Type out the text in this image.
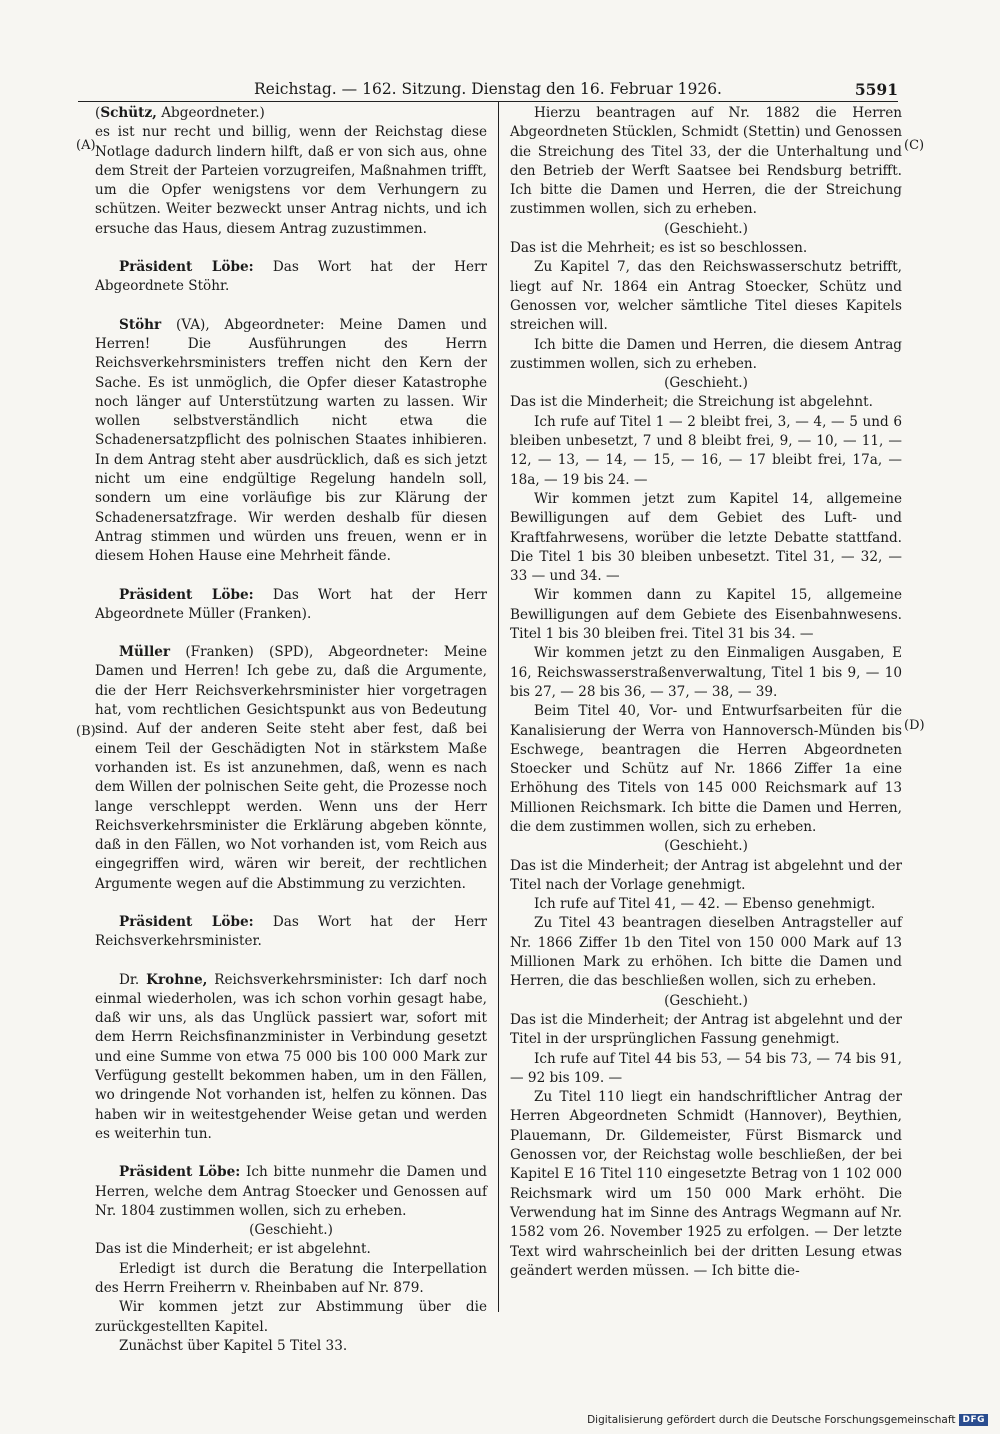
Reichstag. — 162. Sitzung. Dienstag den 16. Februar 1926.	5591
(A)
(B)
(C)
(D)

(Schütz, Abgeordneter.)

es ist nur recht und billig, wenn der Reichstag diese Notlage dadurch lindern hilft, daß er von sich aus, ohne dem Streit der Parteien vorzugreifen, Maßnahmen trifft, um die Opfer wenigstens vor dem Verhungern zu schützen. Weiter bezweckt unser Antrag nichts, und ich ersuche das Haus, diesem Antrag zuzustimmen.

Präsident Löbe: Das Wort hat der Herr Abgeordnete Stöhr.

Stöhr (VA), Abgeordneter: Meine Damen und Herren! Die Ausführungen des Herrn Reichsverkehrsministers treffen nicht den Kern der Sache. Es ist unmöglich, die Opfer dieser Katastrophe noch länger auf Unterstützung warten zu lassen. Wir wollen selbstverständlich nicht etwa die Schadenersatzpflicht des polnischen Staates inhibieren. In dem Antrag steht aber ausdrücklich, daß es sich jetzt nicht um eine endgültige Regelung handeln soll, sondern um eine vorläufige bis zur Klärung der Schadenersatzfrage. Wir werden deshalb für diesen Antrag stimmen und würden uns freuen, wenn er in diesem Hohen Hause eine Mehrheit fände.

Präsident Löbe: Das Wort hat der Herr Abgeordnete Müller (Franken).

Müller (Franken) (SPD), Abgeordneter: Meine Damen und Herren! Ich gebe zu, daß die Argumente, die der Herr Reichsverkehrsminister hier vorgetragen hat, vom rechtlichen Gesichtspunkt aus von Bedeutung sind. Auf der anderen Seite steht aber fest, daß bei einem Teil der Geschädigten Not in stärkstem Maße vorhanden ist. Es ist anzunehmen, daß, wenn es nach dem Willen der polnischen Seite geht, die Prozesse noch lange verschleppt werden. Wenn uns der Herr Reichsverkehrsminister die Erklärung abgeben könnte, daß in den Fällen, wo Not vorhanden ist, vom Reich aus eingegriffen wird, wären wir bereit, der rechtlichen Argumente wegen auf die Abstimmung zu verzichten.

Präsident Löbe: Das Wort hat der Herr Reichsverkehrsminister.

Dr. Krohne, Reichsverkehrsminister: Ich darf noch einmal wiederholen, was ich schon vorhin gesagt habe, daß wir uns, als das Unglück passiert war, sofort mit dem Herrn Reichsfinanzminister in Verbindung gesetzt und eine Summe von etwa 75 000 bis 100 000 Mark zur Verfügung gestellt bekommen haben, um in den Fällen, wo dringende Not vorhanden ist, helfen zu können. Das haben wir in weitestgehender Weise getan und werden es weiterhin tun.

Präsident Löbe: Ich bitte nunmehr die Damen und Herren, welche dem Antrag Stoecker und Genossen auf Nr. 1804 zustimmen wollen, sich zu erheben.

(Geschieht.)

Das ist die Minderheit; er ist abgelehnt.

Erledigt ist durch die Beratung die Interpellation des Herrn Freiherrn v. Rheinbaben auf Nr. 879.

Wir kommen jetzt zur Abstimmung über die zurückgestellten Kapitel.

Zunächst über Kapitel 5 Titel 33.

Hierzu beantragen auf Nr. 1882 die Herren Abgeordneten Stücklen, Schmidt (Stettin) und Genossen die Streichung des Titel 33, der die Unterhaltung und den Betrieb der Werft Saatsee bei Rendsburg betrifft. Ich bitte die Damen und Herren, die der Streichung zustimmen wollen, sich zu erheben.

(Geschieht.)

Das ist die Mehrheit; es ist so beschlossen.

Zu Kapitel 7, das den Reichswasserschutz betrifft, liegt auf Nr. 1864 ein Antrag Stoecker, Schütz und Genossen vor, welcher sämtliche Titel dieses Kapitels streichen will.

Ich bitte die Damen und Herren, die diesem Antrag zustimmen wollen, sich zu erheben.

(Geschieht.)

Das ist die Minderheit; die Streichung ist abgelehnt.

Ich rufe auf Titel 1 — 2 bleibt frei, 3, — 4, — 5 und 6 bleiben unbesetzt, 7 und 8 bleibt frei, 9, — 10, — 11, — 12, — 13, — 14, — 15, — 16, — 17 bleibt frei, 17a, — 18a, — 19 bis 24. —

Wir kommen jetzt zum Kapitel 14, allgemeine Bewilligungen auf dem Gebiet des Luft- und Kraftfahrwesens, worüber die letzte Debatte stattfand. Die Titel 1 bis 30 bleiben unbesetzt. Titel 31, — 32, — 33 — und 34. —

Wir kommen dann zu Kapitel 15, allgemeine Bewilligungen auf dem Gebiete des Eisenbahnwesens. Titel 1 bis 30 bleiben frei. Titel 31 bis 34. —

Wir kommen jetzt zu den Einmaligen Ausgaben, E 16, Reichswasserstraßenverwaltung, Titel 1 bis 9, — 10 bis 27, — 28 bis 36, — 37, — 38, — 39.

Beim Titel 40, Vor- und Entwurfsarbeiten für die Kanalisierung der Werra von Hannoversch-Münden bis Eschwege, beantragen die Herren Abgeordneten Stoecker und Schütz auf Nr. 1866 Ziffer 1a eine Erhöhung des Titels von 145 000 Reichsmark auf 13 Millionen Reichsmark. Ich bitte die Damen und Herren, die dem zustimmen wollen, sich zu erheben.

(Geschieht.)

Das ist die Minderheit; der Antrag ist abgelehnt und der Titel nach der Vorlage genehmigt.

Ich rufe auf Titel 41, — 42. — Ebenso genehmigt.

Zu Titel 43 beantragen dieselben Antragsteller auf Nr. 1866 Ziffer 1b den Titel von 150 000 Mark auf 13 Millionen Mark zu erhöhen. Ich bitte die Damen und Herren, die das beschließen wollen, sich zu erheben.

(Geschieht.)

Das ist die Minderheit; der Antrag ist abgelehnt und der Titel in der ursprünglichen Fassung genehmigt.

Ich rufe auf Titel 44 bis 53, — 54 bis 73, — 74 bis 91, — 92 bis 109. —

Zu Titel 110 liegt ein handschriftlicher Antrag der Herren Abgeordneten Schmidt (Hannover), Beythien, Plauemann, Dr. Gildemeister, Fürst Bismarck und Genossen vor, der Reichstag wolle beschließen, der bei Kapitel E 16 Titel 110 eingesetzte Betrag von 1 102 000 Reichsmark wird um 150 000 Mark erhöht. Die Verwendung hat im Sinne des Antrags Wegmann auf Nr. 1582 vom 26. November 1925 zu erfolgen. — Der letzte Text wird wahrscheinlich bei der dritten Lesung etwas geändert werden müssen. — Ich bitte die-

Digitalisierung gefördert durch die Deutsche Forschungsgemeinschaft DFG
